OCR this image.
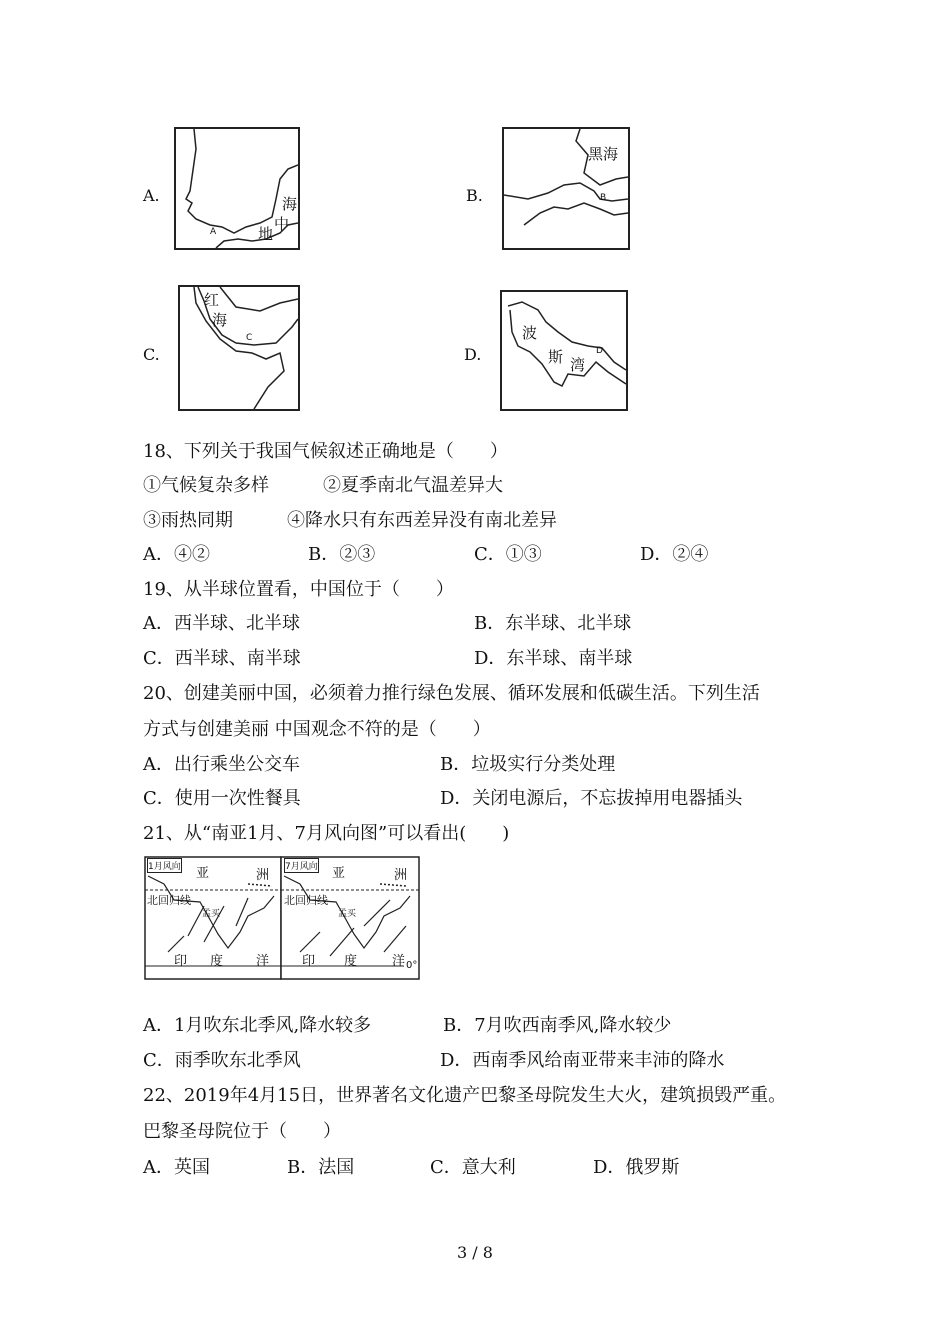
A.	海
中
地
A
B.
黑海
B
C.
红
海
C
D.
波
斯 湾
D
18、下列关于我国气候叙述正确地是（　　）
①气候复杂多样　　　②夏季南北气温差异大
③雨热同期　　　④降水只有东西差异没有南北差异
A．④②	B．②③	C．①③	D．②④
19、从半球位置看，中国位于（　　）
A．西半球、北半球	B．东半球、北半球
C．西半球、南半球	D．东半球、南半球
20、创建美丽中国，必须着力推行绿色发展、循环发展和低碳生活。下列生活
方式与创建美丽 中国观念不符的是（　　）
A．出行乘坐公交车	B．垃圾实行分类处理
C．使用一次性餐具	D．关闭电源后，不忘拔掉用电器插头
21、从“南亚1月、7月风向图”可以看出(　　)
1月风向 亚	洲
北回归线
孟买
印 度	洋
7月风向 亚	洲
北回归线
孟买
印 度	洋 0°
A．1月吹东北季风,降水较多	B．7月吹西南季风,降水较少
C．雨季吹东北季风	D．西南季风给南亚带来丰沛的降水
22、2019年4月15日，世界著名文化遗产巴黎圣母院发生大火，建筑损毁严重。
巴黎圣母院位于（　　）
A．英国	B．法国	C．意大利	D．俄罗斯
3 / 8
